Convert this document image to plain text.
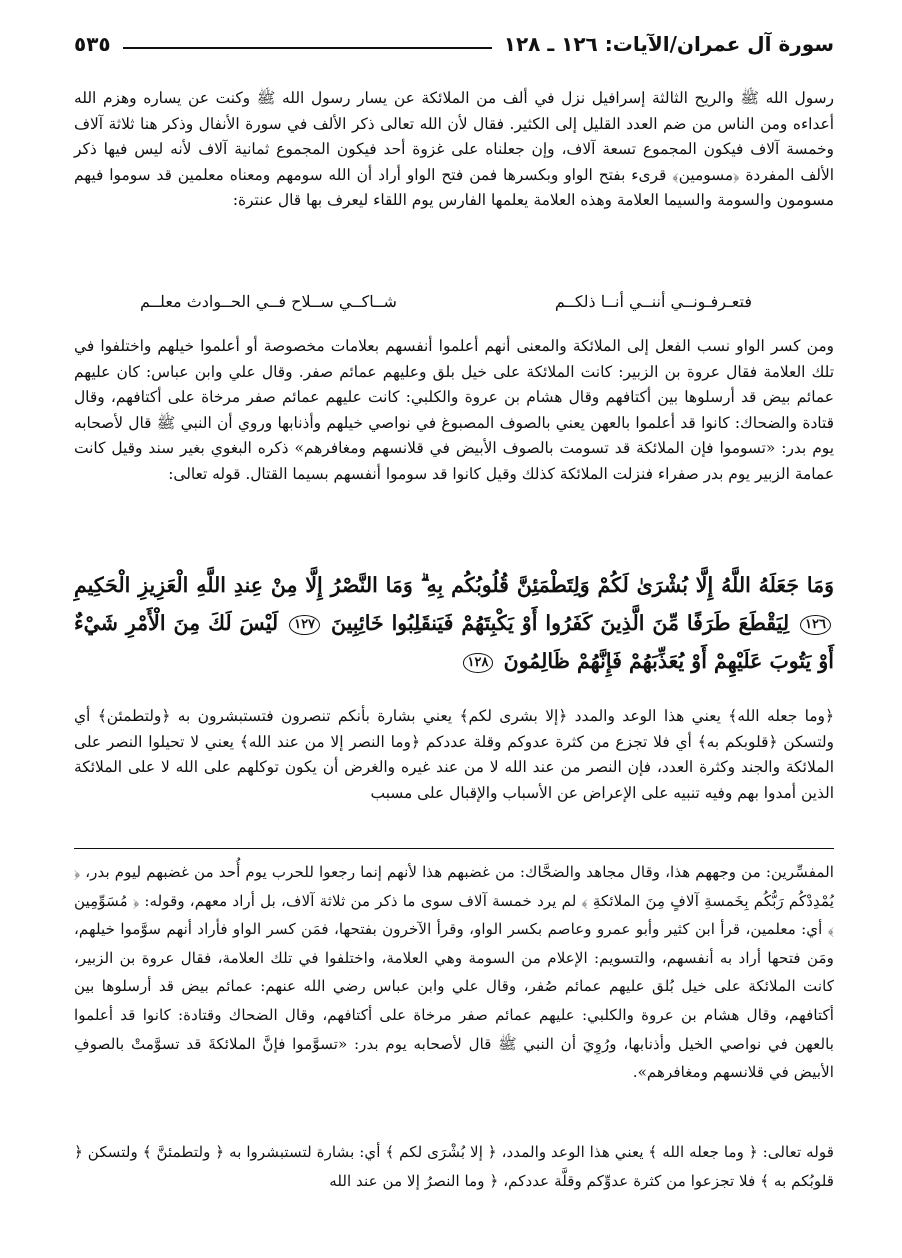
سورة آل عمران/الآيات: ١٢٦ ـ ١٢٨
٥٣٥
رسول الله ﷺ والريح الثالثة إسرافيل نزل في ألف من الملائكة عن يسار رسول الله ﷺ وكنت عن يساره وهزم الله أعداءه ومن الناس من ضم العدد القليل إلى الكثير. فقال لأن الله تعالى ذكر الألف في سورة الأنفال وذكر هنا ثلاثة آلاف وخمسة آلاف فيكون المجموع تسعة آلاف، وإن جعلناه على غزوة أحد فيكون المجموع ثمانية آلاف لأنه ليس فيها ذكر الألف المفردة ﴿مسومين﴾ قرىء بفتح الواو وبكسرها فمن فتح الواو أراد أن الله سومهم ومعناه معلمين قد سوموا فيهم مسومون والسومة والسيما العلامة وهذه العلامة يعلمها الفارس يوم اللقاء ليعرف بها قال عنترة:
فتعـرفـونــي أننــي أنــا ذلكــم
شــاكــي ســلاح فــي الحــوادث معلــم
ومن كسر الواو نسب الفعل إلى الملائكة والمعنى أنهم أعلموا أنفسهم بعلامات مخصوصة أو أعلموا خيلهم واختلفوا في تلك العلامة فقال عروة بن الزبير: كانت الملائكة على خيل بلق وعليهم عمائم صفر. وقال علي وابن عباس: كان عليهم عمائم بيض قد أرسلوها بين أكتافهم وقال هشام بن عروة والكلبي: كانت عليهم عمائم صفر مرخاة على أكتافهم، وقال قتادة والضحاك: كانوا قد أعلموا بالعهن يعني بالصوف المصبوغ في نواصي خيلهم وأذنابها وروي أن النبي ﷺ قال لأصحابه يوم بدر: «تسوموا فإن الملائكة قد تسومت بالصوف الأبيض في قلانسهم ومغافرهم» ذكره البغوي بغير سند وقيل كانت عمامة الزبير يوم بدر صفراء فنزلت الملائكة كذلك وقيل كانوا قد سوموا أنفسهم بسيما القتال. قوله تعالى:
وَمَا جَعَلَهُ اللَّهُ إِلَّا بُشْرَىٰ لَكُمْ وَلِتَطْمَئِنَّ قُلُوبُكُم بِهِ ۗ وَمَا النَّصْرُ إِلَّا مِنْ عِندِ اللَّهِ الْعَزِيزِ الْحَكِيمِ ١٢٦ لِيَقْطَعَ طَرَفًا مِّنَ الَّذِينَ كَفَرُوا أَوْ يَكْبِتَهُمْ فَيَنقَلِبُوا خَائِبِينَ ١٢٧ لَيْسَ لَكَ مِنَ الْأَمْرِ شَيْءٌ أَوْ يَتُوبَ عَلَيْهِمْ أَوْ يُعَذِّبَهُمْ فَإِنَّهُمْ ظَالِمُونَ ١٢٨
﴿وما جعله الله﴾ يعني هذا الوعد والمدد ﴿إلا بشرى لكم﴾ يعني بشارة بأنكم تنصرون فتستبشرون به ﴿ولتطمئن﴾ أي ولتسكن ﴿قلوبكم به﴾ أي فلا تجزع من كثرة عدوكم وقلة عددكم ﴿وما النصر إلا من عند الله﴾ يعني لا تحيلوا النصر على الملائكة والجند وكثرة العدد، فإن النصر من عند الله لا من عند غيره والغرض أن يكون توكلهم على الله لا على الملائكة الذين أمدوا بهم وفيه تنبيه على الإعراض عن الأسباب والإقبال على مسبب
المفسِّرين: من وجههم هذا، وقال مجاهد والضحَّاك: من غضبهم هذا لأنهم إنما رجعوا للحرب يوم أُحد من غضبهم ليوم بدر، ﴿ يُمْدِدْكُم رَبُّكُم بِخَمسةِ آلافٍ مِنَ الملائكةِ ﴾ لم يرد خمسة آلاف سوى ما ذكر من ثلاثة آلاف، بل أراد معهم، وقوله: ﴿ مُسَوِّمِين ﴾ أي: معلمين، قرأ ابن كثير وأبو عمرو وعاصم بكسر الواو، وقرأ الآخرون بفتحها، فمَن كسر الواو فأراد أنهم سوَّموا خيلهم، ومَن فتحها أراد به أنفسهم، والتسويم: الإعلام من السومة وهي العلامة، واختلفوا في تلك العلامة، فقال عروة بن الزبير، كانت الملائكة على خيل بُلق عليهم عمائم صُفر، وقال علي وابن عباس رضي الله عنهم: عمائم بيض قد أرسلوها بين أكتافهم، وقال هشام بن عروة والكلبي: عليهم عمائم صفر مرخاة على أكتافهم، وقال الضحاك وقتادة: كانوا قد أعلموا بالعهن في نواصي الخيل وأذنابها، ورُوِيَ أن النبي ﷺ قال لأصحابه يوم بدر: «تسوَّموا فإنَّ الملائكةَ قد تسوَّمتْ بالصوفِ الأبيض في قلانسهم ومغافرهم».
قوله تعالى: ﴿ وما جعله الله ﴾ يعني هذا الوعد والمدد، ﴿ إلا بُشْرَى لكم ﴾ أي: بشارة لتستبشروا به ﴿ ولتطمئنَّ ﴾ ولتسكن ﴿ قلوبُكم به ﴾ فلا تجزعوا من كثرة عدوِّكم وقلَّة عددكم، ﴿ وما النصرُ إلا من عند الله
